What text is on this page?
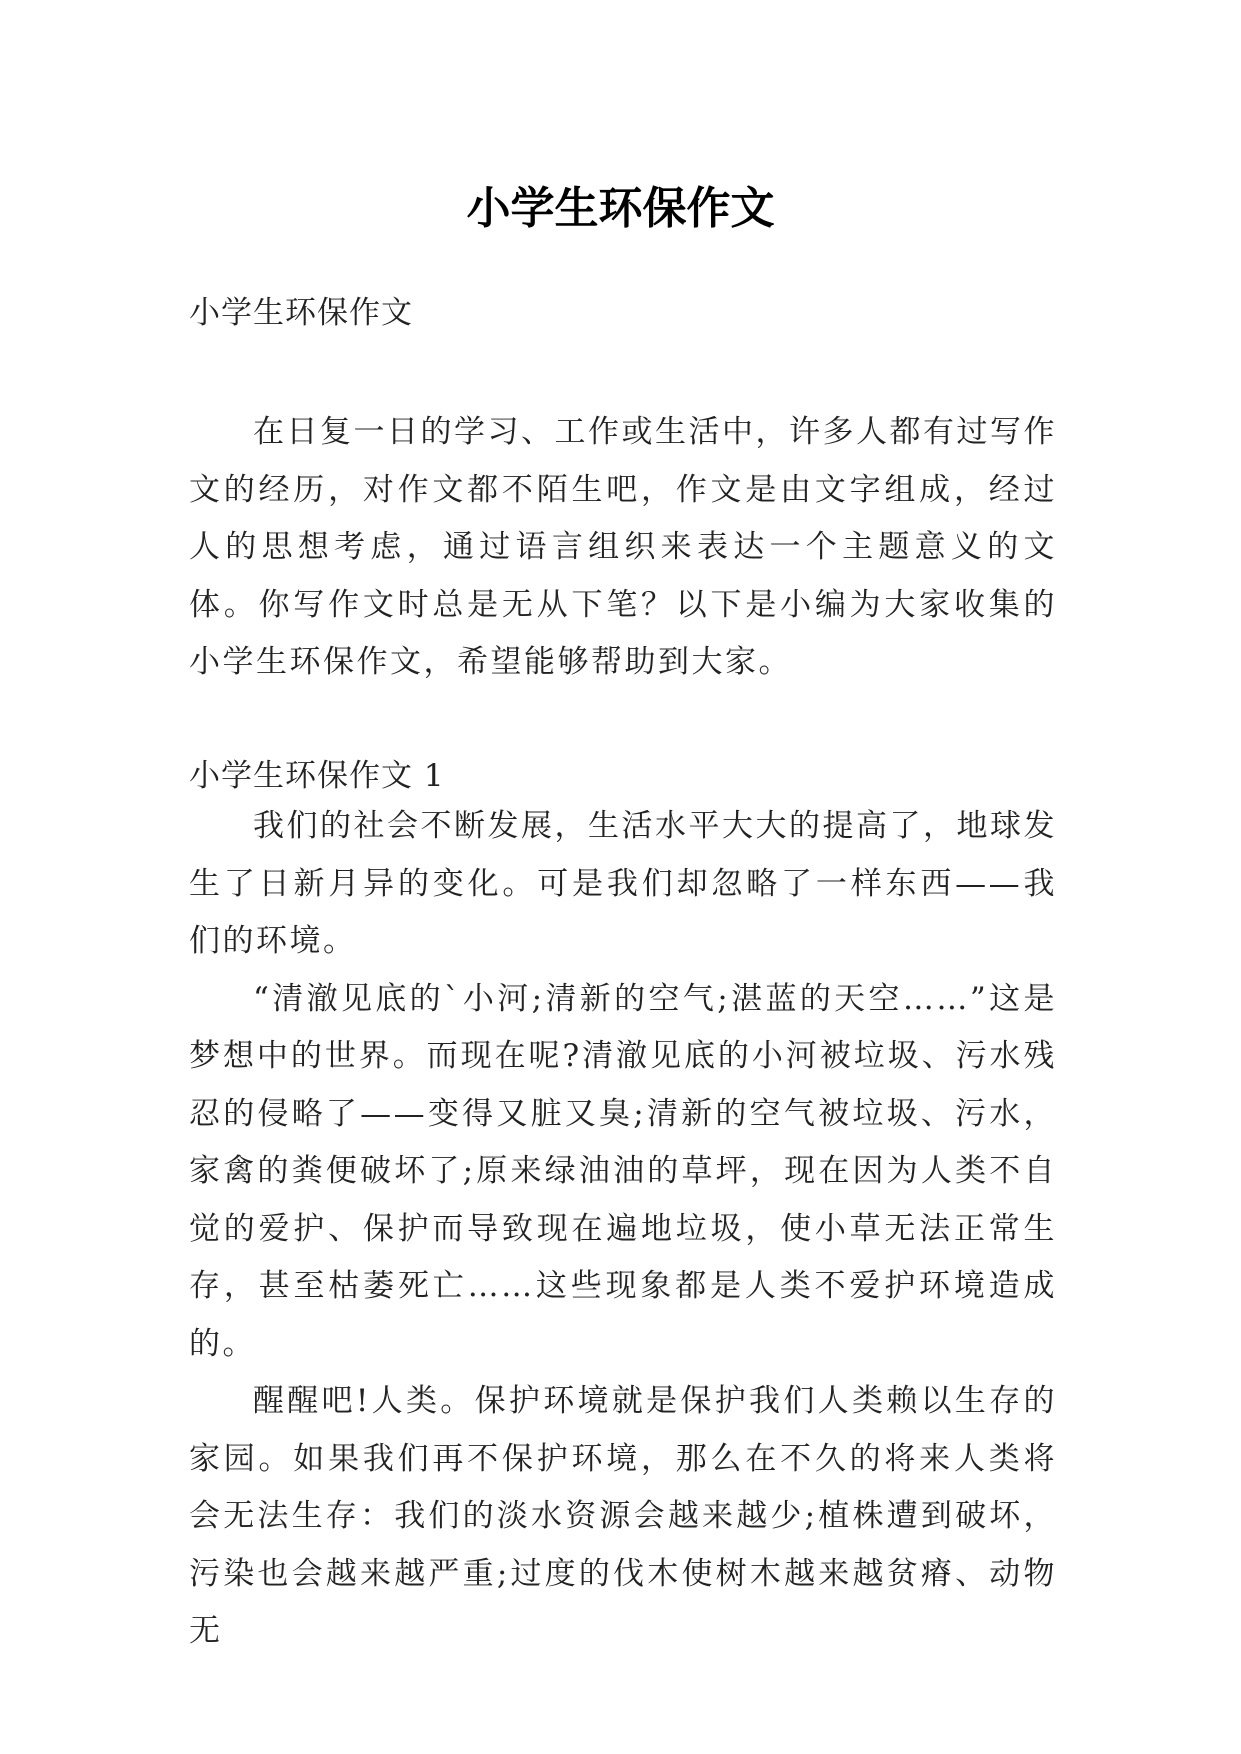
小学生环保作文
小学生环保作文

在日复一日的学习、工作或生活中，许多人都有过写作文的经历，对作文都不陌生吧，作文是由文字组成，经过人的思想考虑，通过语言组织来表达一个主题意义的文体。你写作文时总是无从下笔？以下是小编为大家收集的小学生环保作文，希望能够帮助到大家。

小学生环保作文 1

我们的社会不断发展，生活水平大大的提高了，地球发生了日新月异的变化。可是我们却忽略了一样东西——我们的环境。

“清澈见底的`小河;清新的空气;湛蓝的天空……”这是梦想中的世界。而现在呢?清澈见底的小河被垃圾、污水残忍的侵略了——变得又脏又臭;清新的空气被垃圾、污水，家禽的粪便破坏了;原来绿油油的草坪，现在因为人类不自觉的爱护、保护而导致现在遍地垃圾，使小草无法正常生存，甚至枯萎死亡……这些现象都是人类不爱护环境造成的。

醒醒吧!人类。保护环境就是保护我们人类赖以生存的家园。如果我们再不保护环境，那么在不久的将来人类将会无法生存：我们的淡水资源会越来越少;植株遭到破坏，污染也会越来越严重;过度的伐木使树木越来越贫瘠、动物无
